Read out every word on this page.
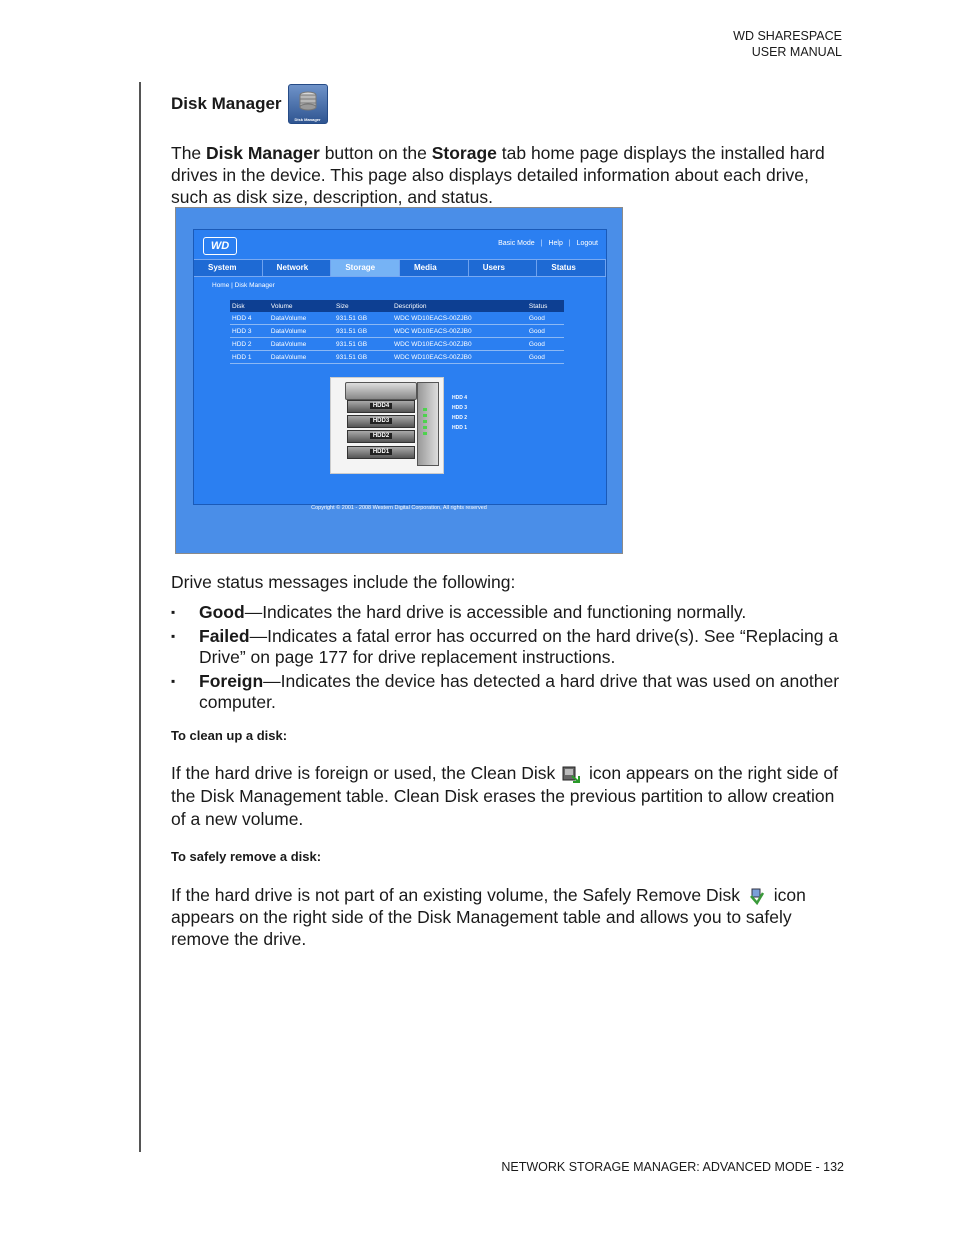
WD SHARESPACE
USER MANUAL
Disk Manager
Disk Manager

The Disk Manager button on the Storage tab home page displays the installed hard drives in the device. This page also displays detailed information about each drive, such as disk size, description, and status.

WD	Basic Mode | Help | Logout
System	Network	Storage	Media	Users	Status
Home | Disk Manager
Disk	Volume	Size	Description	Status
HDD 4	DataVolume	931.51 GB	WDC WD10EACS-00ZJB0	Good
HDD 3	DataVolume	931.51 GB	WDC WD10EACS-00ZJB0	Good
HDD 2	DataVolume	931.51 GB	WDC WD10EACS-00ZJB0	Good
HDD 1	DataVolume	931.51 GB	WDC WD10EACS-00ZJB0	Good
HDD4
HDD3
HDD2
HDD1
HDD 4
HDD 3
HDD 2
HDD 1
Copyright © 2001 - 2008 Western Digital Corporation, All rights reserved

Drive status messages include the following:

▪ Good—Indicates the hard drive is accessible and functioning normally.
▪ Failed—Indicates a fatal error has occurred on the hard drive(s). See “Replacing a Drive” on page 177 for drive replacement instructions.
▪ Foreign—Indicates the device has detected a hard drive that was used on another computer.
To clean up a disk:

If the hard drive is foreign or used, the Clean Disk  icon appears on the right side of the Disk Management table. Clean Disk erases the previous partition to allow creation of a new volume.

To safely remove a disk:

If the hard drive is not part of an existing volume, the Safely Remove Disk  icon appears on the right side of the Disk Management table and allows you to safely remove the drive.

NETWORK STORAGE MANAGER: ADVANCED MODE - 132
